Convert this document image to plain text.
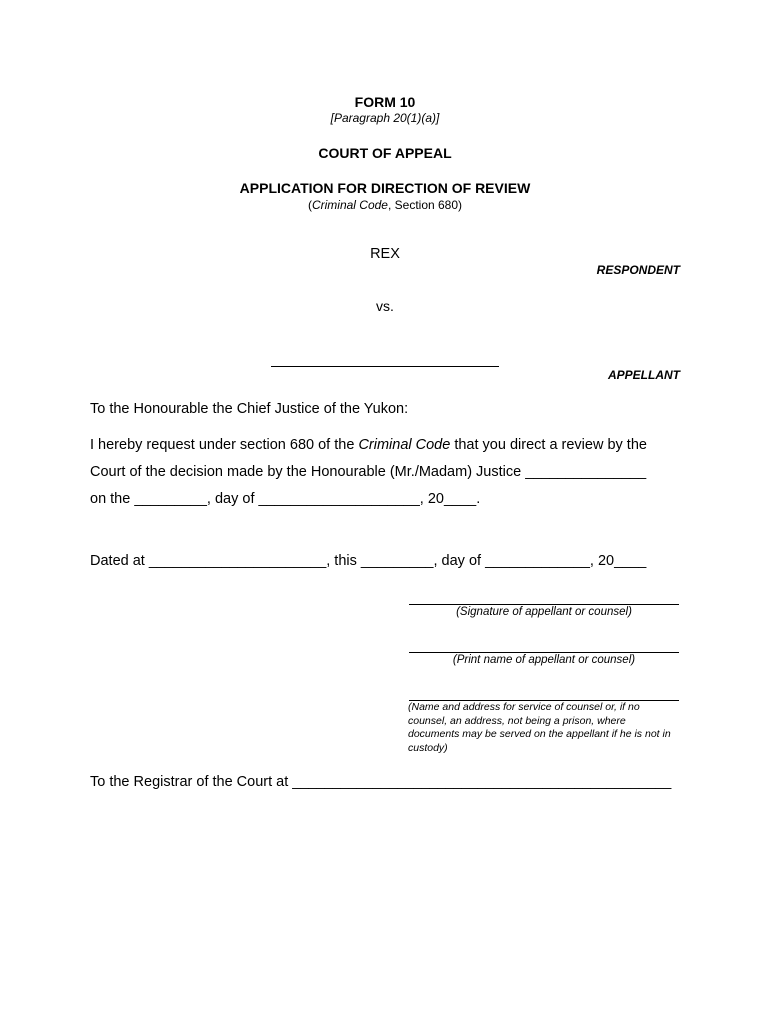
FORM 10
[Paragraph 20(1)(a)]
COURT OF APPEAL
APPLICATION FOR DIRECTION OF REVIEW
(Criminal Code, Section 680)
REX
RESPONDENT
vs.
APPELLANT
To the Honourable the Chief Justice of the Yukon:
I hereby request under section 680 of the Criminal Code that you direct a review by the
Court of the decision made by the Honourable (Mr./Madam) Justice _______________
on the _________, day of ____________________, 20____.
Dated at ______________________, this _________, day of _____________, 20____
(Signature of appellant or counsel)
(Print name of appellant or counsel)
(Name and address for service of counsel or, if no counsel, an address, not being a prison, where documents may be served on the appellant if he is not in custody)
To the Registrar of the Court at _______________________________________________
